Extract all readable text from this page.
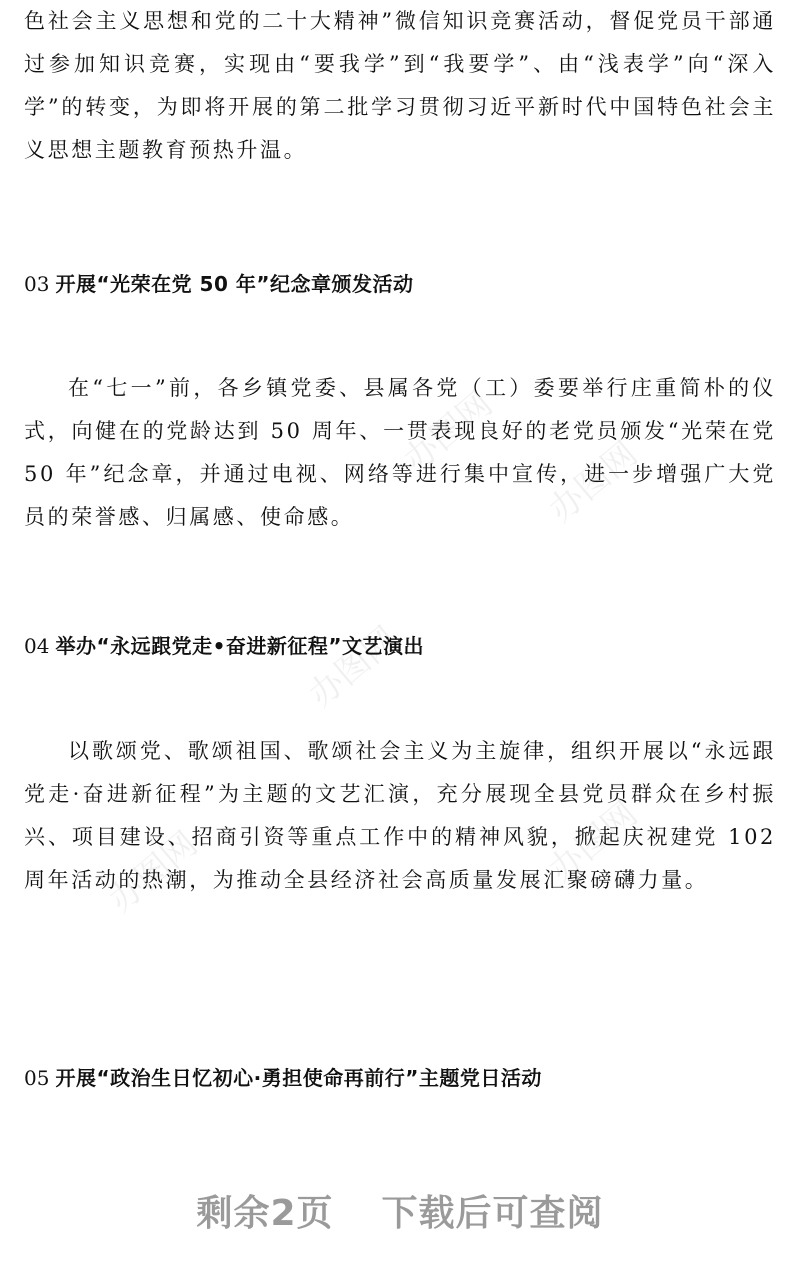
办图网
办图网
办图网
办图网	办图网

色社会主义思想和党的二十大精神”微信知识竞赛活动，督促党员干部通过参加知识竞赛，实现由“要我学”到“我要学”、由“浅表学”向“深入学”的转变，为即将开展的第二批学习贯彻习近平新时代中国特色社会主义思想主题教育预热升温。

03 开展“光荣在党 50 年”纪念章颁发活动

在“七一”前，各乡镇党委、县属各党（工）委要举行庄重简朴的仪式，向健在的党龄达到 50 周年、一贯表现良好的老党员颁发“光荣在党 50 年”纪念章，并通过电视、网络等进行集中宣传，进一步增强广大党员的荣誉感、归属感、使命感。

04 举办“永远跟党走•奋进新征程”文艺演出

以歌颂党、歌颂祖国、歌颂社会主义为主旋律，组织开展以“永远跟党走·奋进新征程”为主题的文艺汇演，充分展现全县党员群众在乡村振兴、项目建设、招商引资等重点工作中的精神风貌，掀起庆祝建党 102 周年活动的热潮，为推动全县经济社会高质量发展汇聚磅礴力量。

05 开展“政治生日忆初心·勇担使命再前行”主题党日活动
剩余2页 下载后可查阅
